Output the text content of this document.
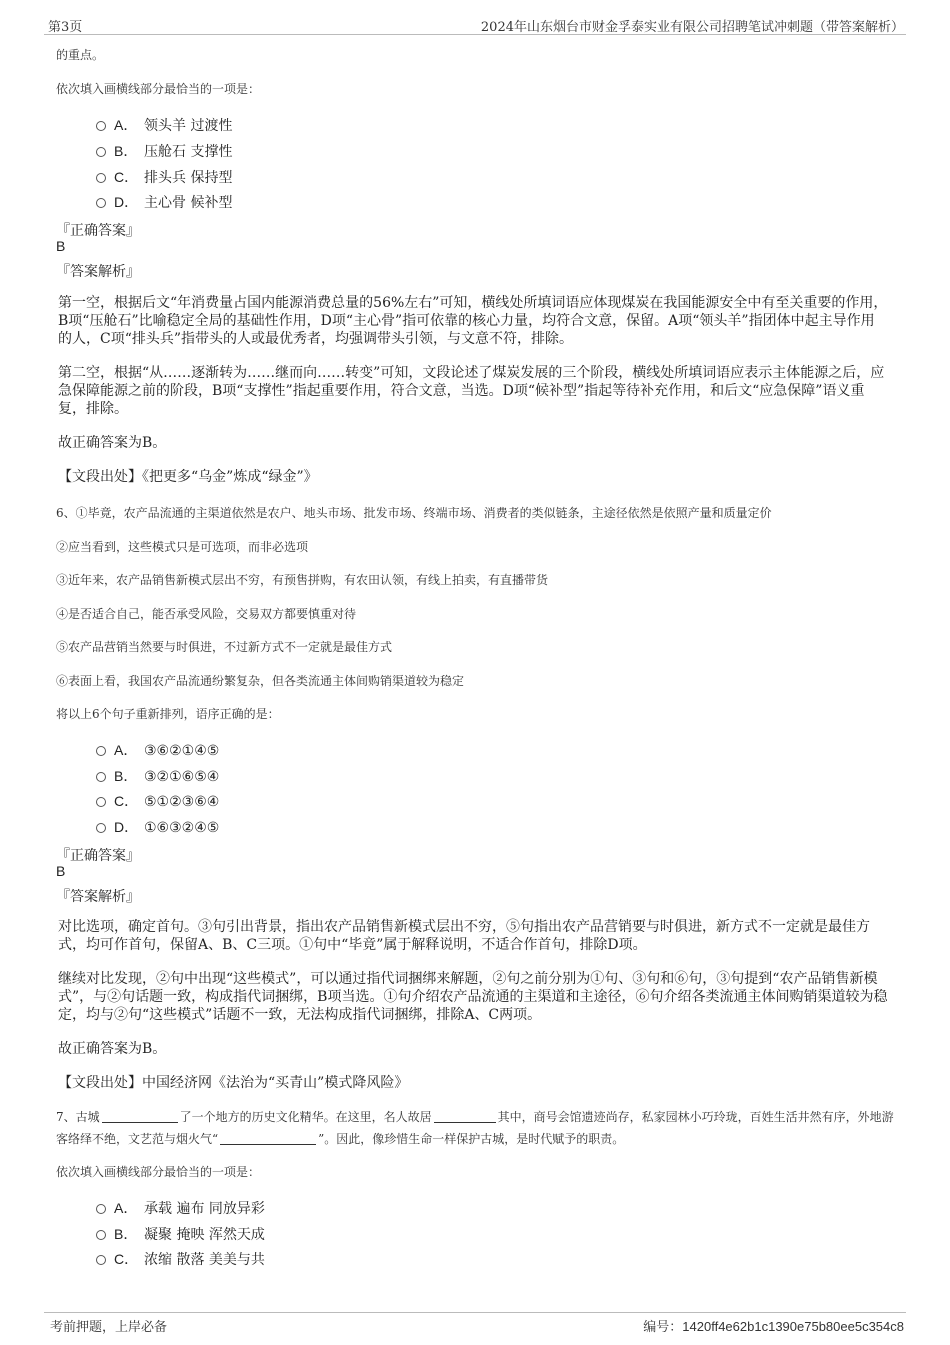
第3页	2024年山东烟台市财金孚泰实业有限公司招聘笔试冲刺题（带答案解析）
的重点。
依次填入画横线部分最恰当的一项是：
A． 领头羊 过渡性
B． 压舱石 支撑性
C． 排头兵 保持型
D． 主心骨 候补型
『正确答案』
B
『答案解析』
第一空，根据后文“年消费量占国内能源消费总量的56%左右”可知，横线处所填词语应体现煤炭在我国能源安全中有至关重要的作用，B项“压舱石”比喻稳定全局的基础性作用，D项“主心骨”指可依靠的核心力量，均符合文意，保留。A项“领头羊”指团体中起主导作用的人，C项“排头兵”指带头的人或最优秀者，均强调带头引领，与文意不符，排除。
第二空，根据“从……逐渐转为……继而向……转变”可知，文段论述了煤炭发展的三个阶段，横线处所填词语应表示主体能源之后，应急保障能源之前的阶段，B项“支撑性”指起重要作用，符合文意，当选。D项“候补型”指起等待补充作用，和后文“应急保障”语义重复，排除。
故正确答案为B。
【文段出处】《把更多“乌金”炼成“绿金”》
6、①毕竟，农产品流通的主渠道依然是农户、地头市场、批发市场、终端市场、消费者的类似链条，主途径依然是依照产量和质量定价
②应当看到，这些模式只是可选项，而非必选项
③近年来，农产品销售新模式层出不穷，有预售拼购，有农田认领，有线上拍卖，有直播带货
④是否适合自己，能否承受风险，交易双方都要慎重对待
⑤农产品营销当然要与时俱进，不过新方式不一定就是最佳方式
⑥表面上看，我国农产品流通纷繁复杂，但各类流通主体间购销渠道较为稳定
将以上6个句子重新排列，语序正确的是：
A． ③⑥②①④⑤
B． ③②①⑥⑤④
C． ⑤①②③⑥④
D． ①⑥③②④⑤
『正确答案』
B
『答案解析』
对比选项，确定首句。③句引出背景，指出农产品销售新模式层出不穷，⑤句指出农产品营销要与时俱进，新方式不一定就是最佳方式，均可作首句，保留A、B、C三项。①句中“毕竟”属于解释说明，不适合作首句，排除D项。
继续对比发现，②句中出现“这些模式”，可以通过指代词捆绑来解题，②句之前分别为①句、③句和⑥句，③句提到“农产品销售新模式”，与②句话题一致，构成指代词捆绑，B项当选。①句介绍农产品流通的主渠道和主途径，⑥句介绍各类流通主体间购销渠道较为稳定，均与②句“这些模式”话题不一致，无法构成指代词捆绑，排除A、C两项。
故正确答案为B。
【文段出处】中国经济网《法治为“买青山”模式降风险》
7、古城	了一个地方的历史文化精华。在这里，名人故居	其中，商号会馆遗迹尚存，私家园林小巧玲珑，百姓生活井然有序，外地游客络绎不绝，文艺范与烟火气“	”。因此，像珍惜生命一样保护古城，是时代赋予的职责。
依次填入画横线部分最恰当的一项是：
A． 承载 遍布 同放异彩
B． 凝聚 掩映 浑然天成
C． 浓缩 散落 美美与共
考前押题，上岸必备	编号：1420ff4e62b1c1390e75b80ee5c354c8
